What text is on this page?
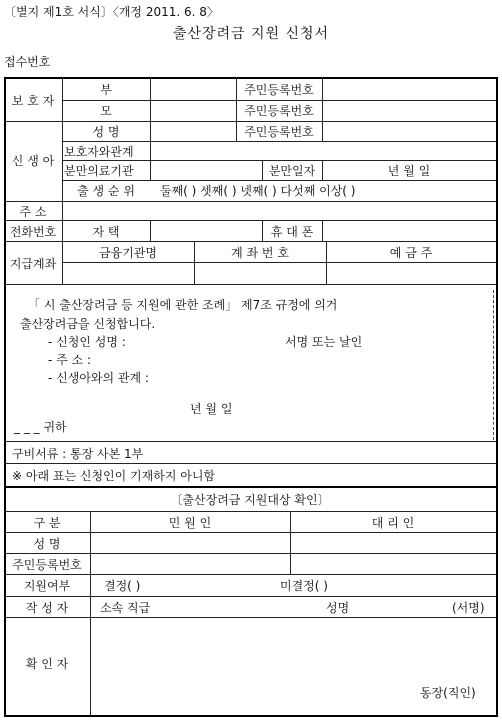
〔별지 제1호 서식〕〈개정 2011. 6. 8〉
출산장려금 지원 신청서
접수번호
보 호 자
부	주민등록번호
모	주민등록번호
신 생 아
성 명	주민등록번호
보호자와관계
분만의료기관	분만일자	년 월 일
출 생 순 위	둘째( ) 셋째( ) 넷째( ) 다섯째 이상( )
주 소
전화번호	자 택	휴 대 폰
지급계좌
금융기관명	계 좌 번 호	예 금 주
「 시 출산장려금 등 지원에 관한 조례」 제7조 규정에 의거
출산장려금을 신청합니다.
- 신청인 성명 :	서명 또는 날인
- 주 소 :
- 신생아와의 관계 :
년 월 일
_ _ _ 귀하
구비서류 : 통장 사본 1부
※ 아래 표는 신청인이 기재하지 아니함
〔출산장려금 지원대상 확인〕
구 분	민 원 인	대 리 인
성 명
주민등록번호
지원여부	결정( )	미결정( )
작 성 자	소속 직급	성명	(서명)
확 인 자
동장(직인)
